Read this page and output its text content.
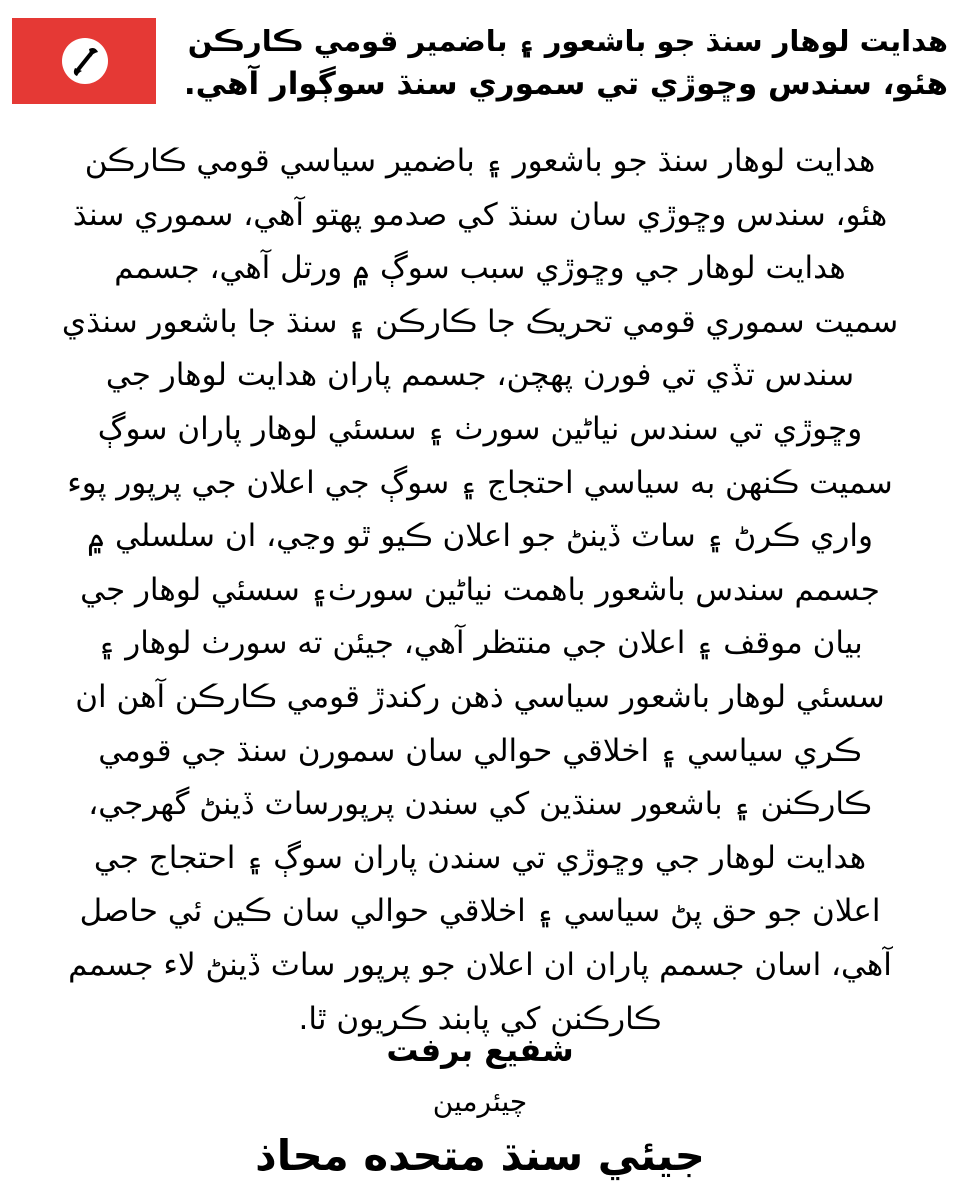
هدايت لوهار سنڌ جو باشعور ۽ باضمير قومي ڪارڪن
هئو، سندس وڇوڙي تي سموري سنڌ سوڳوار آهي.
هدايت لوهار سنڌ جو باشعور ۽ باضمير سياسي قومي ڪارڪن
هئو، سندس وڇوڙي سان سنڌ کي صدمو پهتو آهي، سموري سنڌ
هدايت لوهار جي وڇوڙي سبب سوڳ ۾ ورتل آهي، جسمم
سميت سموري قومي تحريڪ جا ڪارڪن ۽ سنڌ جا باشعور سنڌي
سندس تڏي تي فورن پهچن، جسمم پاران هدايت لوهار جي
وڇوڙي تي سندس نياڻين سورٺ ۽ سسئي لوهار پاران سوڳ
سميت ڪنهن به سياسي احتجاج ۽ سوڳ جي اعلان جي پرپور پوء
واري ڪرڻ ۽ ساٽ ڏينڻ جو اعلان ڪيو ٿو وڃي، ان سلسلي ۾
جسمم سندس باشعور باهمت نياڻين سورٺ۽ سسئي لوهار جي
بيان موقف ۽ اعلان جي منتظر آهي، جيئن ته سورٺ لوهار ۽
سسئي لوهار باشعور سياسي ذهن رکندڙ قومي ڪارڪن آهن ان
ڪري سياسي ۽ اخلاقي حوالي سان سمورن سنڌ جي قومي
ڪارڪنن ۽ باشعور سنڌين کي سندن پرپورساٽ ڏينڻ گهرجي،
هدايت لوهار جي وڇوڙي تي سندن پاران سوڳ ۽ احتجاج جي
اعلان جو حق پڻ سياسي ۽ اخلاقي حوالي سان ڪين ئي حاصل
آهي، اسان جسمم پاران ان اعلان جو پرپور ساٽ ڏينڻ لاء جسمم
ڪارڪنن کي پابند ڪريون ٿا.
شفيع برفت
چيئرمين
جيئي سنڌ متحده محاذ
